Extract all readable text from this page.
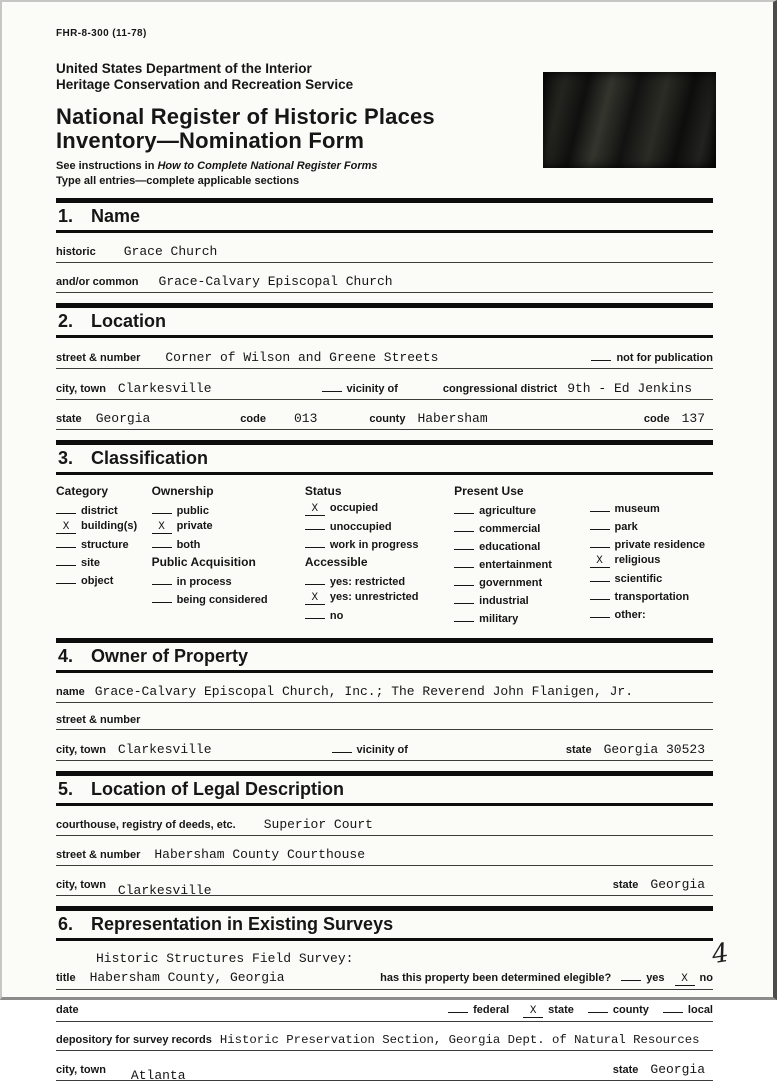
FHR-8-300 (11-78)
United States Department of the Interior
Heritage Conservation and Recreation Service
National Register of Historic Places
Inventory—Nomination Form
See instructions in How to Complete National Register Forms
Type all entries—complete applicable sections
1. Name
historic Grace Church
and/or common Grace-Calvary Episcopal Church
2. Location
street & number Corner of Wilson and Greene Streets	not for publication
city, town Clarkesville	vicinity of	congressional district 9th - Ed Jenkins
state Georgia	code 013	county Habersham	code 137
3. Classification
Category
district
X	building(s)
structure
site
object
Ownership
public
X	private
both
Public Acquisition
in process
being considered
Status
X	occupied
unoccupied
work in progress
Accessible
yes: restricted
X	yes: unrestricted
no
Present Use
agriculture
commercial
educational
entertainment
government
industrial
military
museum
park
private residence
X	religious
scientific
transportation
other:
4. Owner of Property
name Grace-Calvary Episcopal Church, Inc.; The Reverend John Flanigen, Jr.
street & number
city, town Clarkesville	vicinity of	state Georgia 30523
5. Location of Legal Description
courthouse, registry of deeds, etc. Superior Court
street & number Habersham County Courthouse
city, town Clarkesville	state Georgia
6. Representation in Existing Surveys
Historic Structures Field Survey:
title Habersham County, Georgia	has this property been determined elegible?	yes	X	no
date	federal	X	state	county	local
depository for survey records Historic Preservation Section, Georgia Dept. of Natural Resources
city, town Atlanta	state Georgia
4
